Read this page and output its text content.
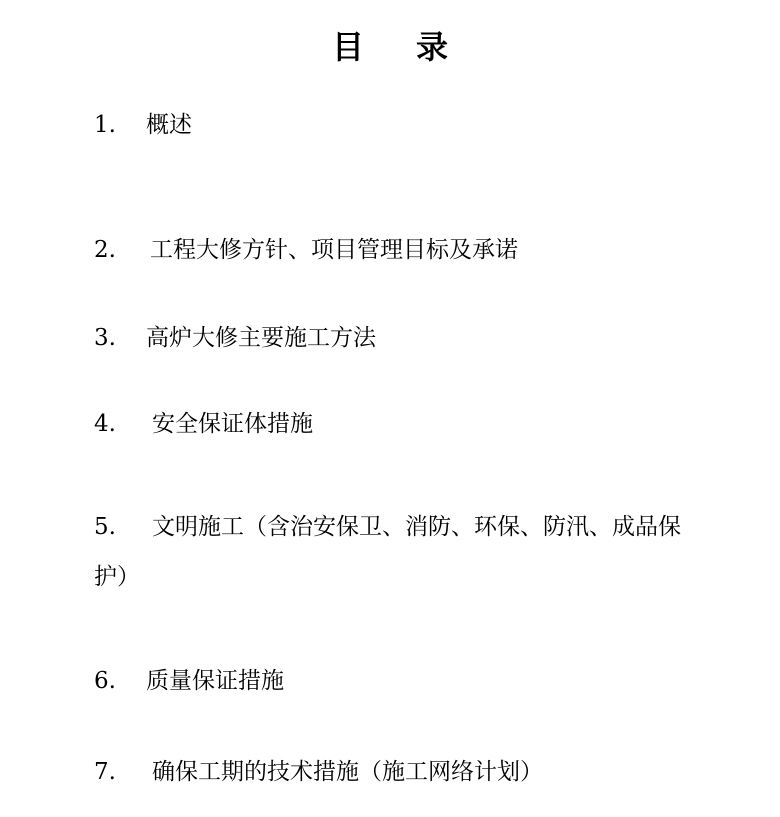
目 录
1. 概述
2. 工程大修方针、项目管理目标及承诺
3. 高炉大修主要施工方法
4. 安全保证体措施
5. 文明施工（含治安保卫、消防、环保、防汛、成品保护）
6. 质量保证措施
7. 确保工期的技术措施（施工网络计划）
